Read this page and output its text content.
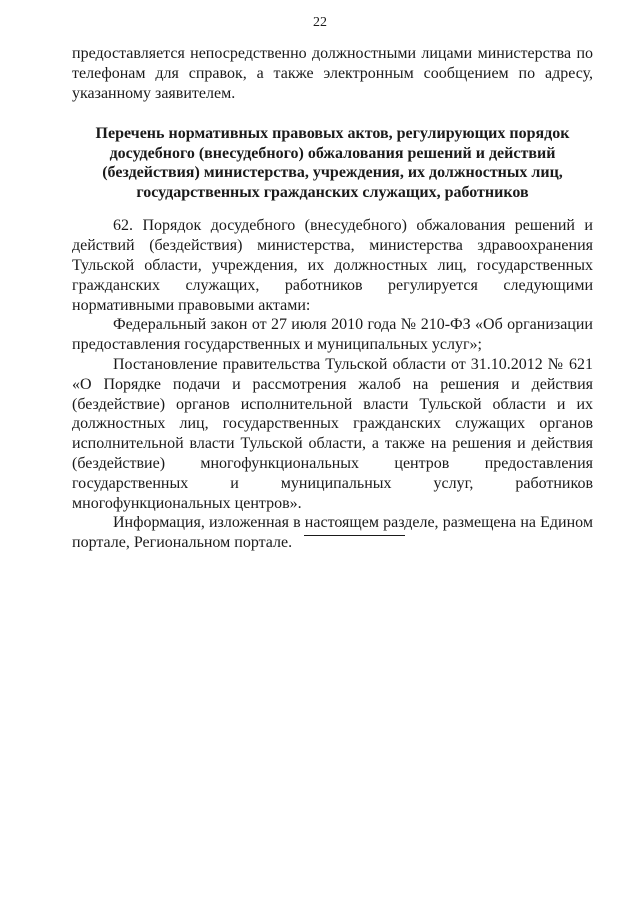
22

предоставляется непосредственно должностными лицами министерства по телефонам для справок, а также электронным сообщением по адресу, указанному заявителем.

Перечень нормативных правовых актов, регулирующих порядок
досудебного (внесудебного) обжалования решений и действий
(бездействия) министерства, учреждения, их должностных лиц,
государственных гражданских служащих, работников

62. Порядок досудебного (внесудебного) обжалования решений и действий (бездействия) министерства, министерства здравоохранения Тульской области, учреждения, их должностных лиц, государственных гражданских служащих, работников регулируется следующими нормативными правовыми актами:

Федеральный закон от 27 июля 2010 года № 210-ФЗ «Об организации предоставления государственных и муниципальных услуг»;

Постановление правительства Тульской области от 31.10.2012 № 621 «О Порядке подачи и рассмотрения жалоб на решения и действия (бездействие) органов исполнительной власти Тульской области и их должностных лиц, государственных гражданских служащих органов исполнительной власти Тульской области, а также на решения и действия (бездействие) многофункциональных центров предоставления государственных и муниципальных услуг, работников многофункциональных центров».

Информация, изложенная в настоящем разделе, размещена на Едином портале, Региональном портале.
